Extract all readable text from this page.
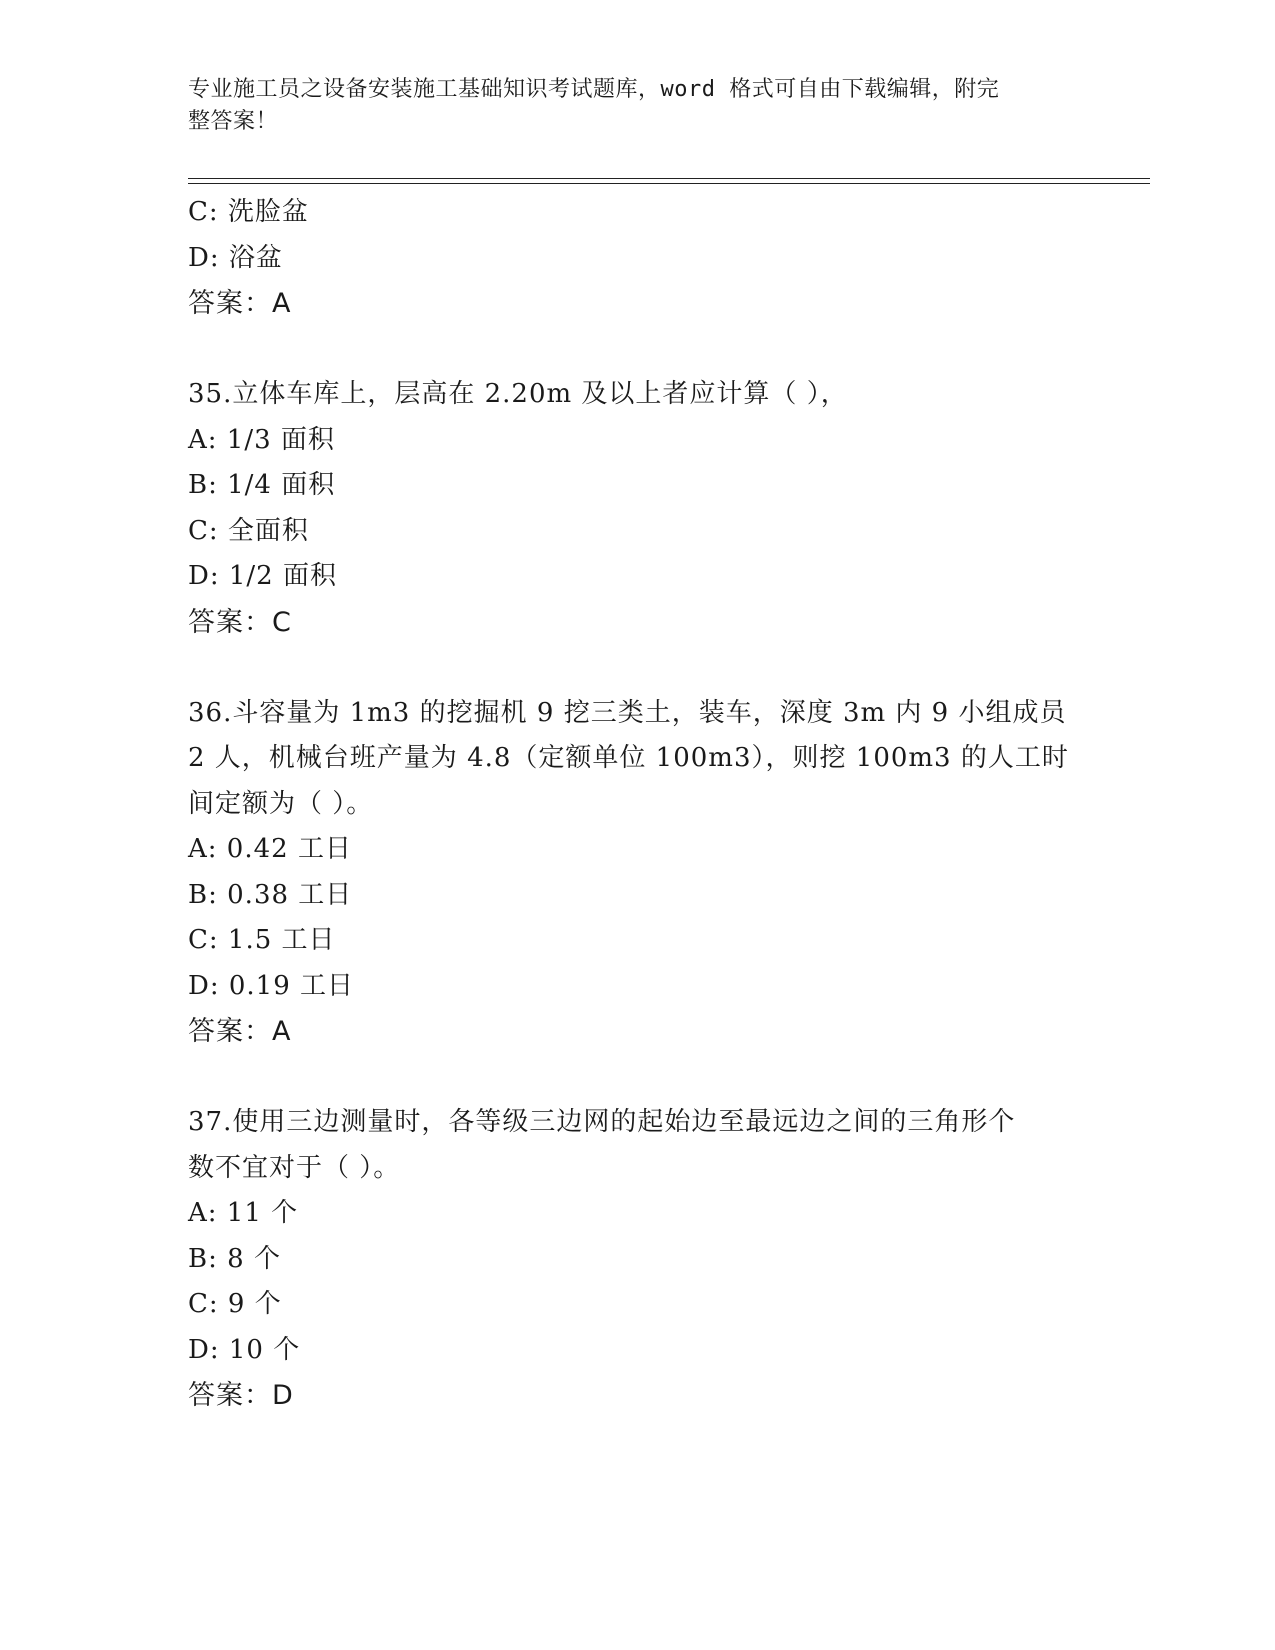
专业施工员之设备安装施工基础知识考试题库，word 格式可自由下载编辑，附完
整答案！
C: 洗脸盆
D: 浴盆
答案：A
35.立体车库上，层高在 2.20m 及以上者应计算（ ），
A: 1/3 面积
B: 1/4 面积
C: 全面积
D: 1/2 面积
答案：C
36.斗容量为 1m3 的挖掘机 9 挖三类土，装车，深度 3m 内 9 小组成员
2 人，机械台班产量为 4.8（定额单位 100m3），则挖 100m3 的人工时
间定额为（ ）。
A: 0.42 工日
B: 0.38 工日
C: 1.5 工日
D: 0.19 工日
答案：A
37.使用三边测量时，各等级三边网的起始边至最远边之间的三角形个
数不宜对于（ ）。
A: 11 个
B: 8 个
C: 9 个
D: 10 个
答案：D
